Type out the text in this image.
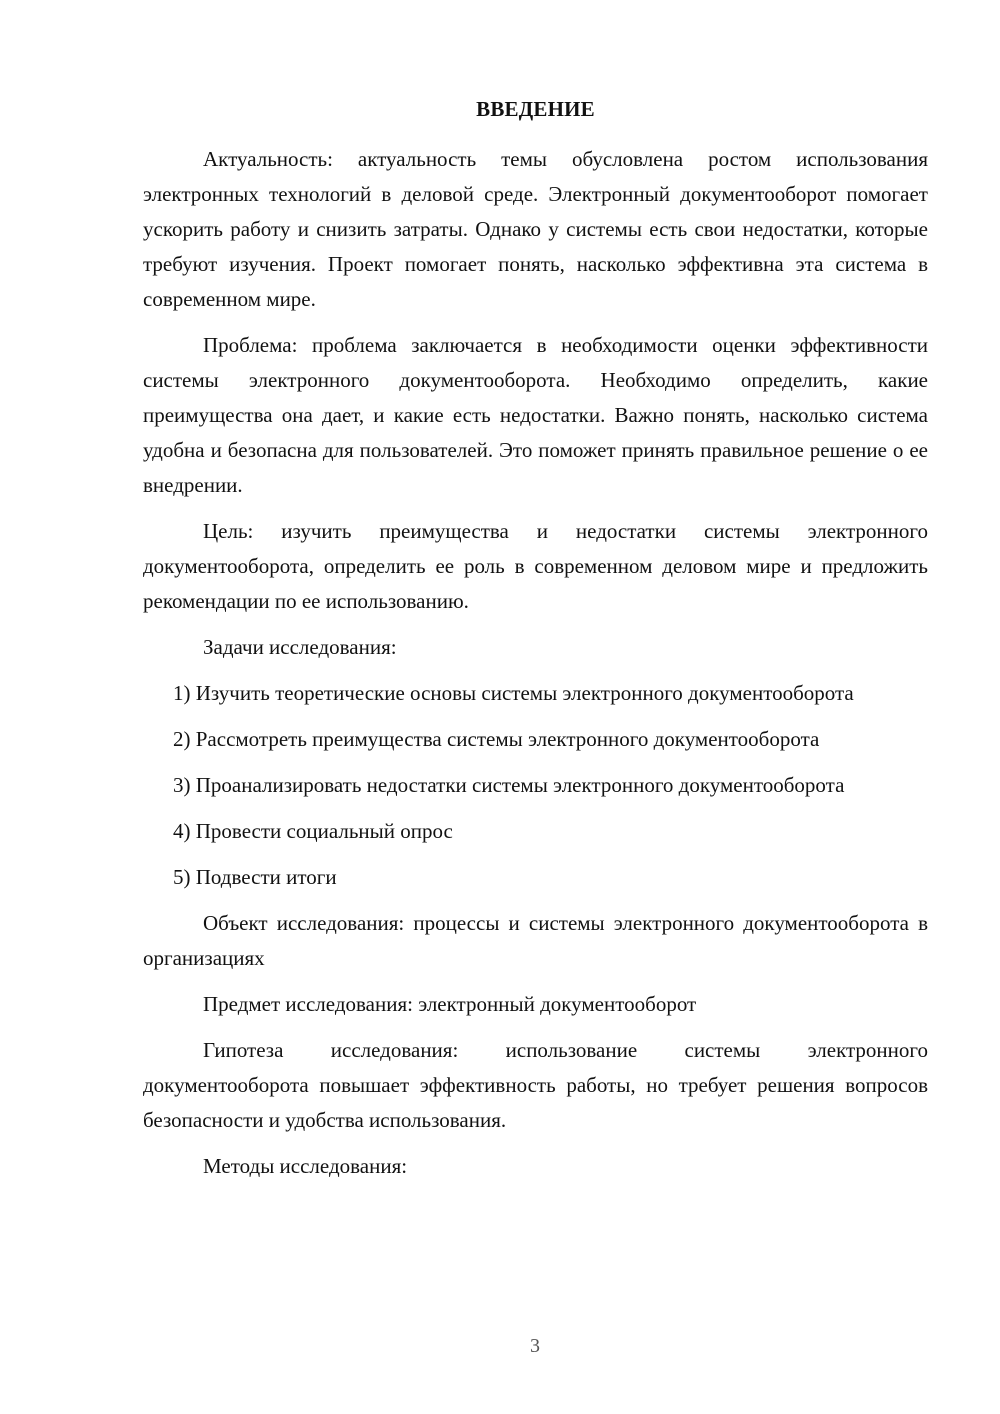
ВВЕДЕНИЕ

Актуальность: актуальность темы обусловлена ростом использования электронных технологий в деловой среде. Электронный документооборот помогает ускорить работу и снизить затраты. Однако у системы есть свои недостатки, которые требуют изучения. Проект помогает понять, насколько эффективна эта система в современном мире.

Проблема: проблема заключается в необходимости оценки эффективности системы электронного документооборота. Необходимо определить, какие преимущества она дает, и какие есть недостатки. Важно понять, насколько система удобна и безопасна для пользователей. Это поможет принять правильное решение о ее внедрении.

Цель: изучить преимущества и недостатки системы электронного документооборота, определить ее роль в современном деловом мире и предложить рекомендации по ее использованию.

Задачи исследования:

1) Изучить теоретические основы системы электронного документооборота

2) Рассмотреть преимущества системы электронного документооборота

3) Проанализировать недостатки системы электронного документооборота

4) Провести социальный опрос

5) Подвести итоги

Объект исследования: процессы и системы электронного документооборота в организациях

Предмет исследования: электронный документооборот

Гипотеза исследования: использование системы электронного документооборота повышает эффективность работы, но требует решения вопросов безопасности и удобства использования.

Методы исследования:

3
